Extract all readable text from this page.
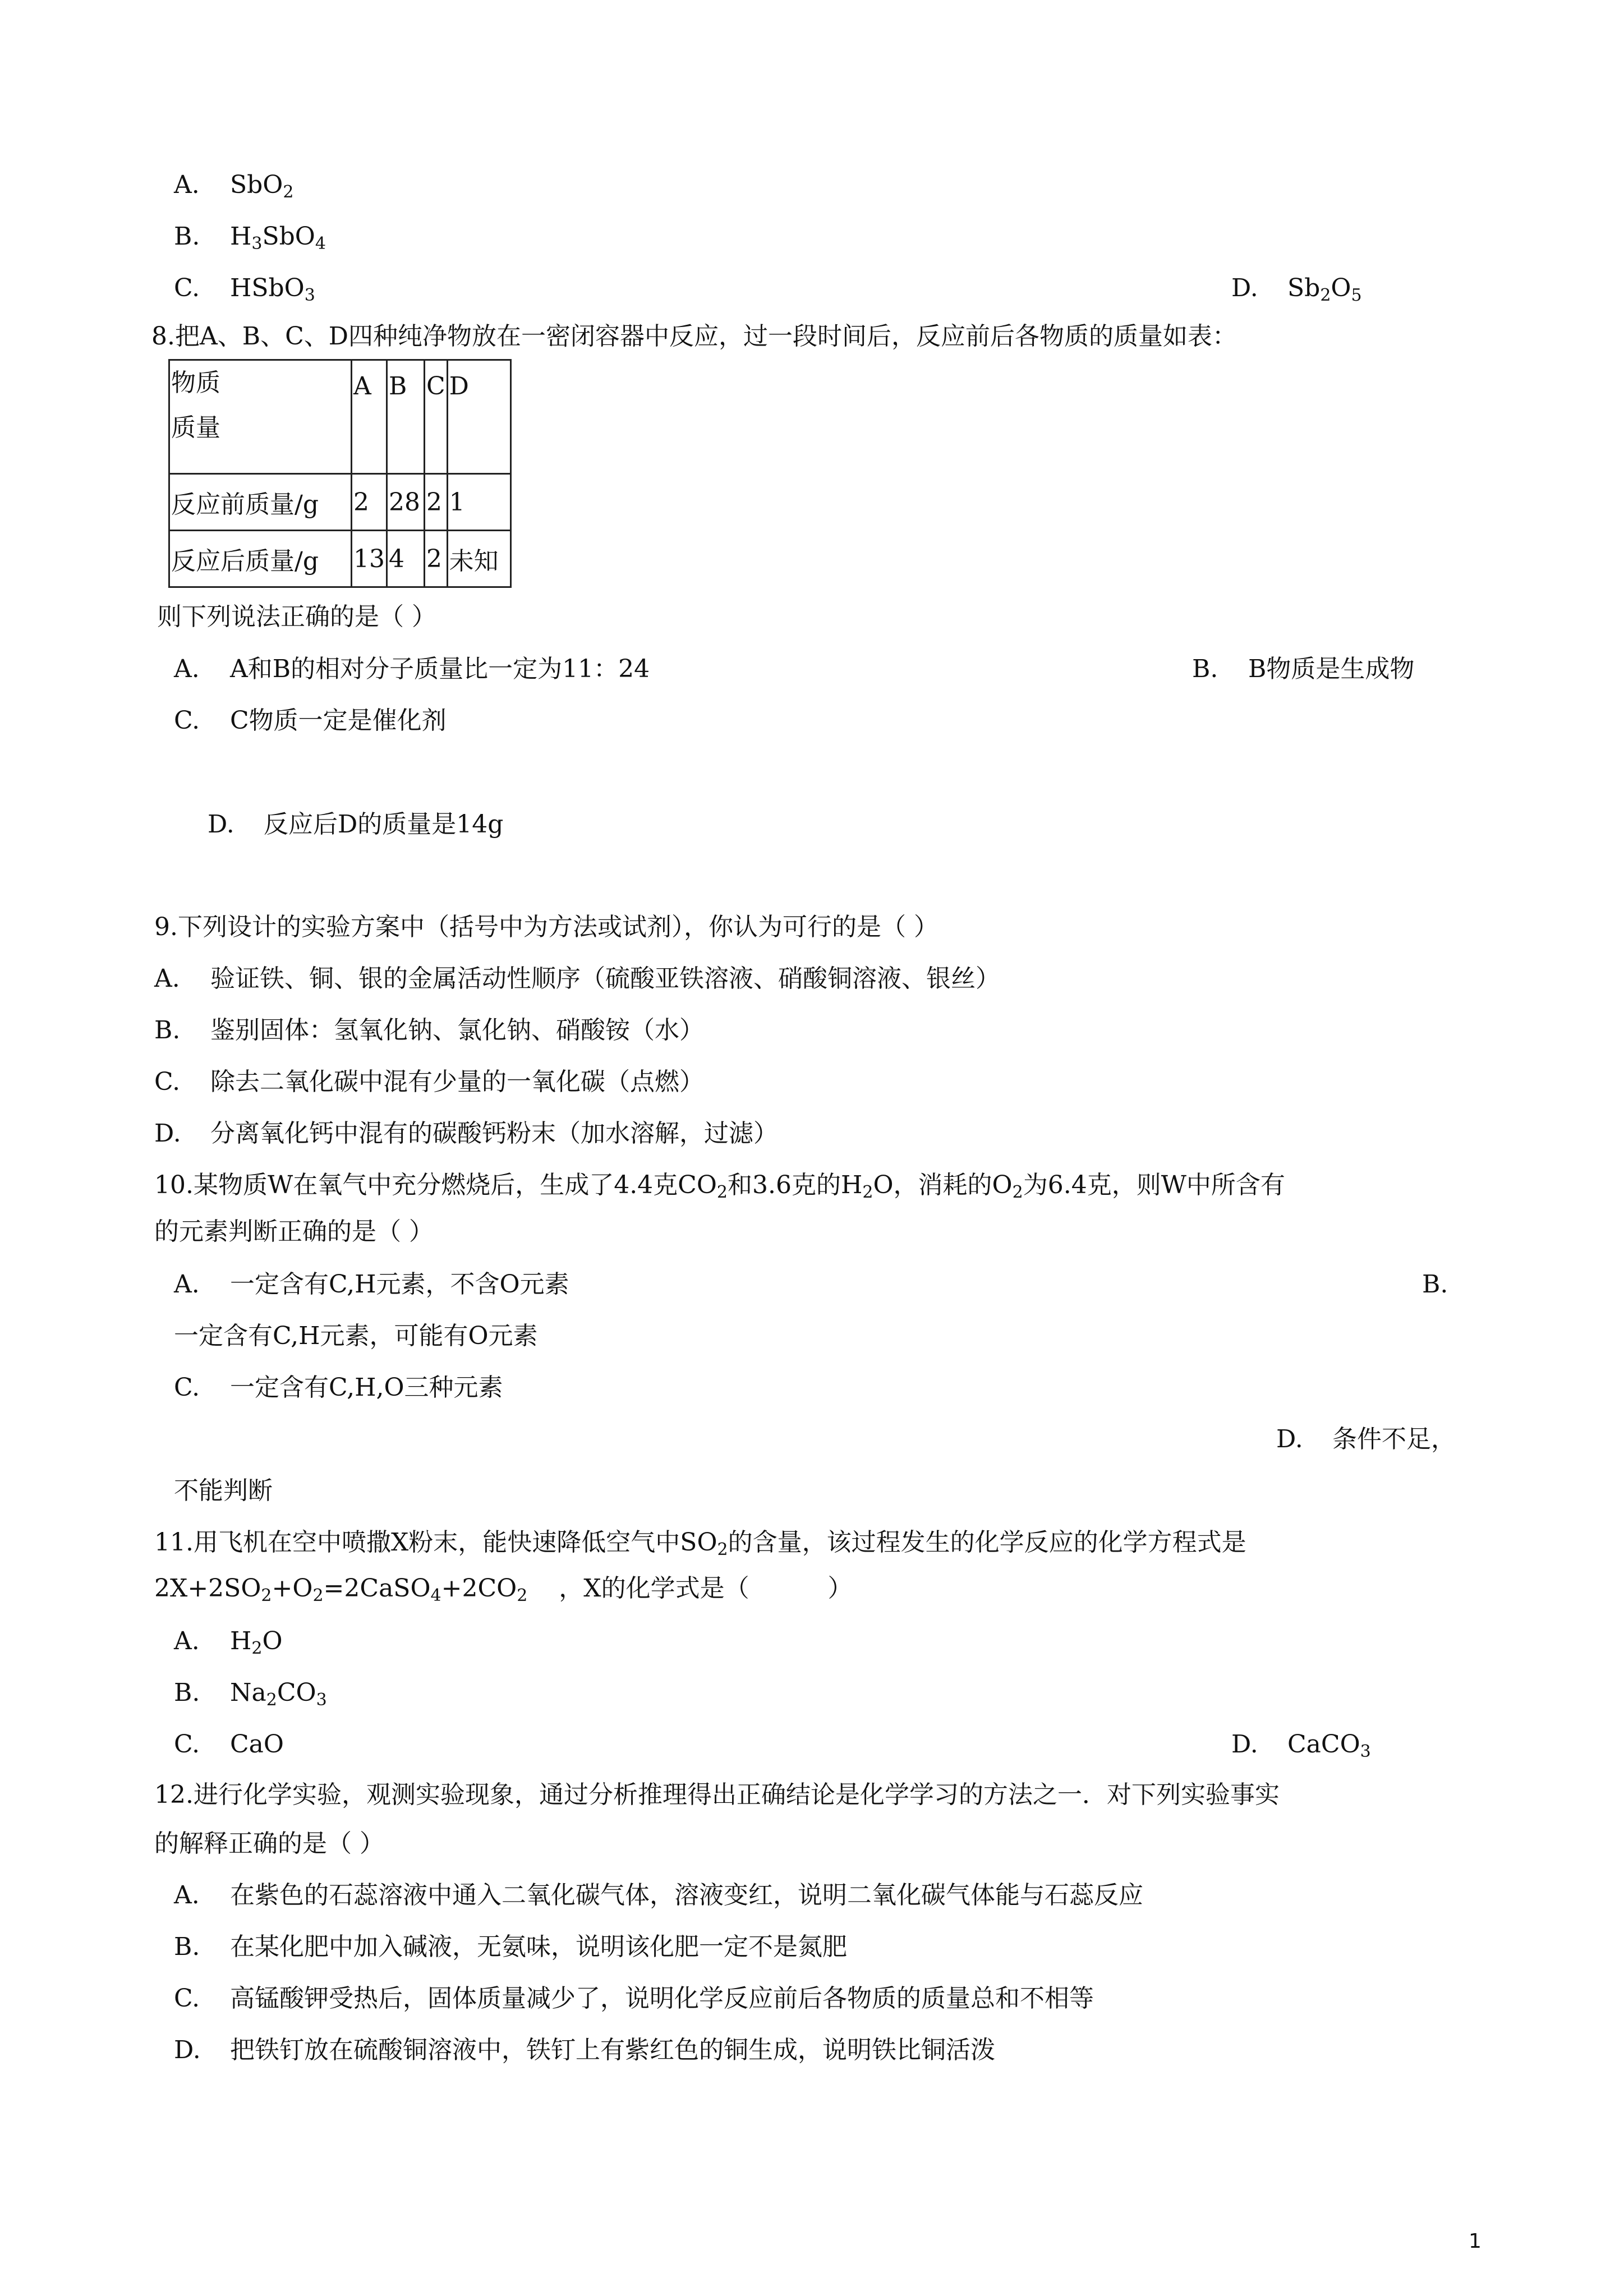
A. SbO$_2$
B. $H_3SbO_4$
C. HSbO$_3$	D. $Sb_2O_5$
8.把A、B、C、D四种纯净物放在一密闭容器中反应，过一段时间后，反应前后各物质的质量如表：
物质
质量	A	B	C	D
反应前质量/g	2	28	2	1
反应后质量/g	13	4	2	未知
则下列说法正确的是（ ）
A. A和B的相对分子质量比一定为11：24	B. B物质是生成物
C. C物质一定是催化剂
D. 反应后D的质量是14g
9.下列设计的实验方案中（括号中为方法或试剂），你认为可行的是（ ）
A. 验证铁、铜、银的金属活动性顺序（硫酸亚铁溶液、硝酸铜溶液、银丝）
B. 鉴别固体：氢氧化钠、氯化钠、硝酸铵（水）
C. 除去二氧化碳中混有少量的一氧化碳（点燃）
D. 分离氧化钙中混有的碳酸钙粉末（加水溶解，过滤）
10.某物质W在氧气中充分燃烧后，生成了4.4克$CO_2$和3.6克的$H_2O$，消耗的$O_2$为6.4克，则W中所含有
的元素判断正确的是（ ）
A. 一定含有C,H元素，不含O元素	B.
一定含有C,H元素，可能有O元素
C. 一定含有C,H,O三种元素
D. 条件不足，
不能判断
11.用飞机在空中喷撒X粉末，能快速降低空气中$SO_2$的含量，该过程发生的化学反应的化学方程式是
$2X+2SO_2+O_2=2CaSO_4+2CO_2$    ，X的化学式是（          ）
A. $H_2O$
B. $Na_2CO_3$
C. CaO	D. CaCO$_3$
12.进行化学实验，观测实验现象，通过分析推理得出正确结论是化学学习的方法之一．对下列实验事实
的解释正确的是（ ）
A. 在紫色的石蕊溶液中通入二氧化碳气体，溶液变红，说明二氧化碳气体能与石蕊反应
B. 在某化肥中加入碱液，无氨味，说明该化肥一定不是氮肥
C. 高锰酸钾受热后，固体质量减少了，说明化学反应前后各物质的质量总和不相等
D. 把铁钉放在硫酸铜溶液中，铁钉上有紫红色的铜生成，说明铁比铜活泼
1
